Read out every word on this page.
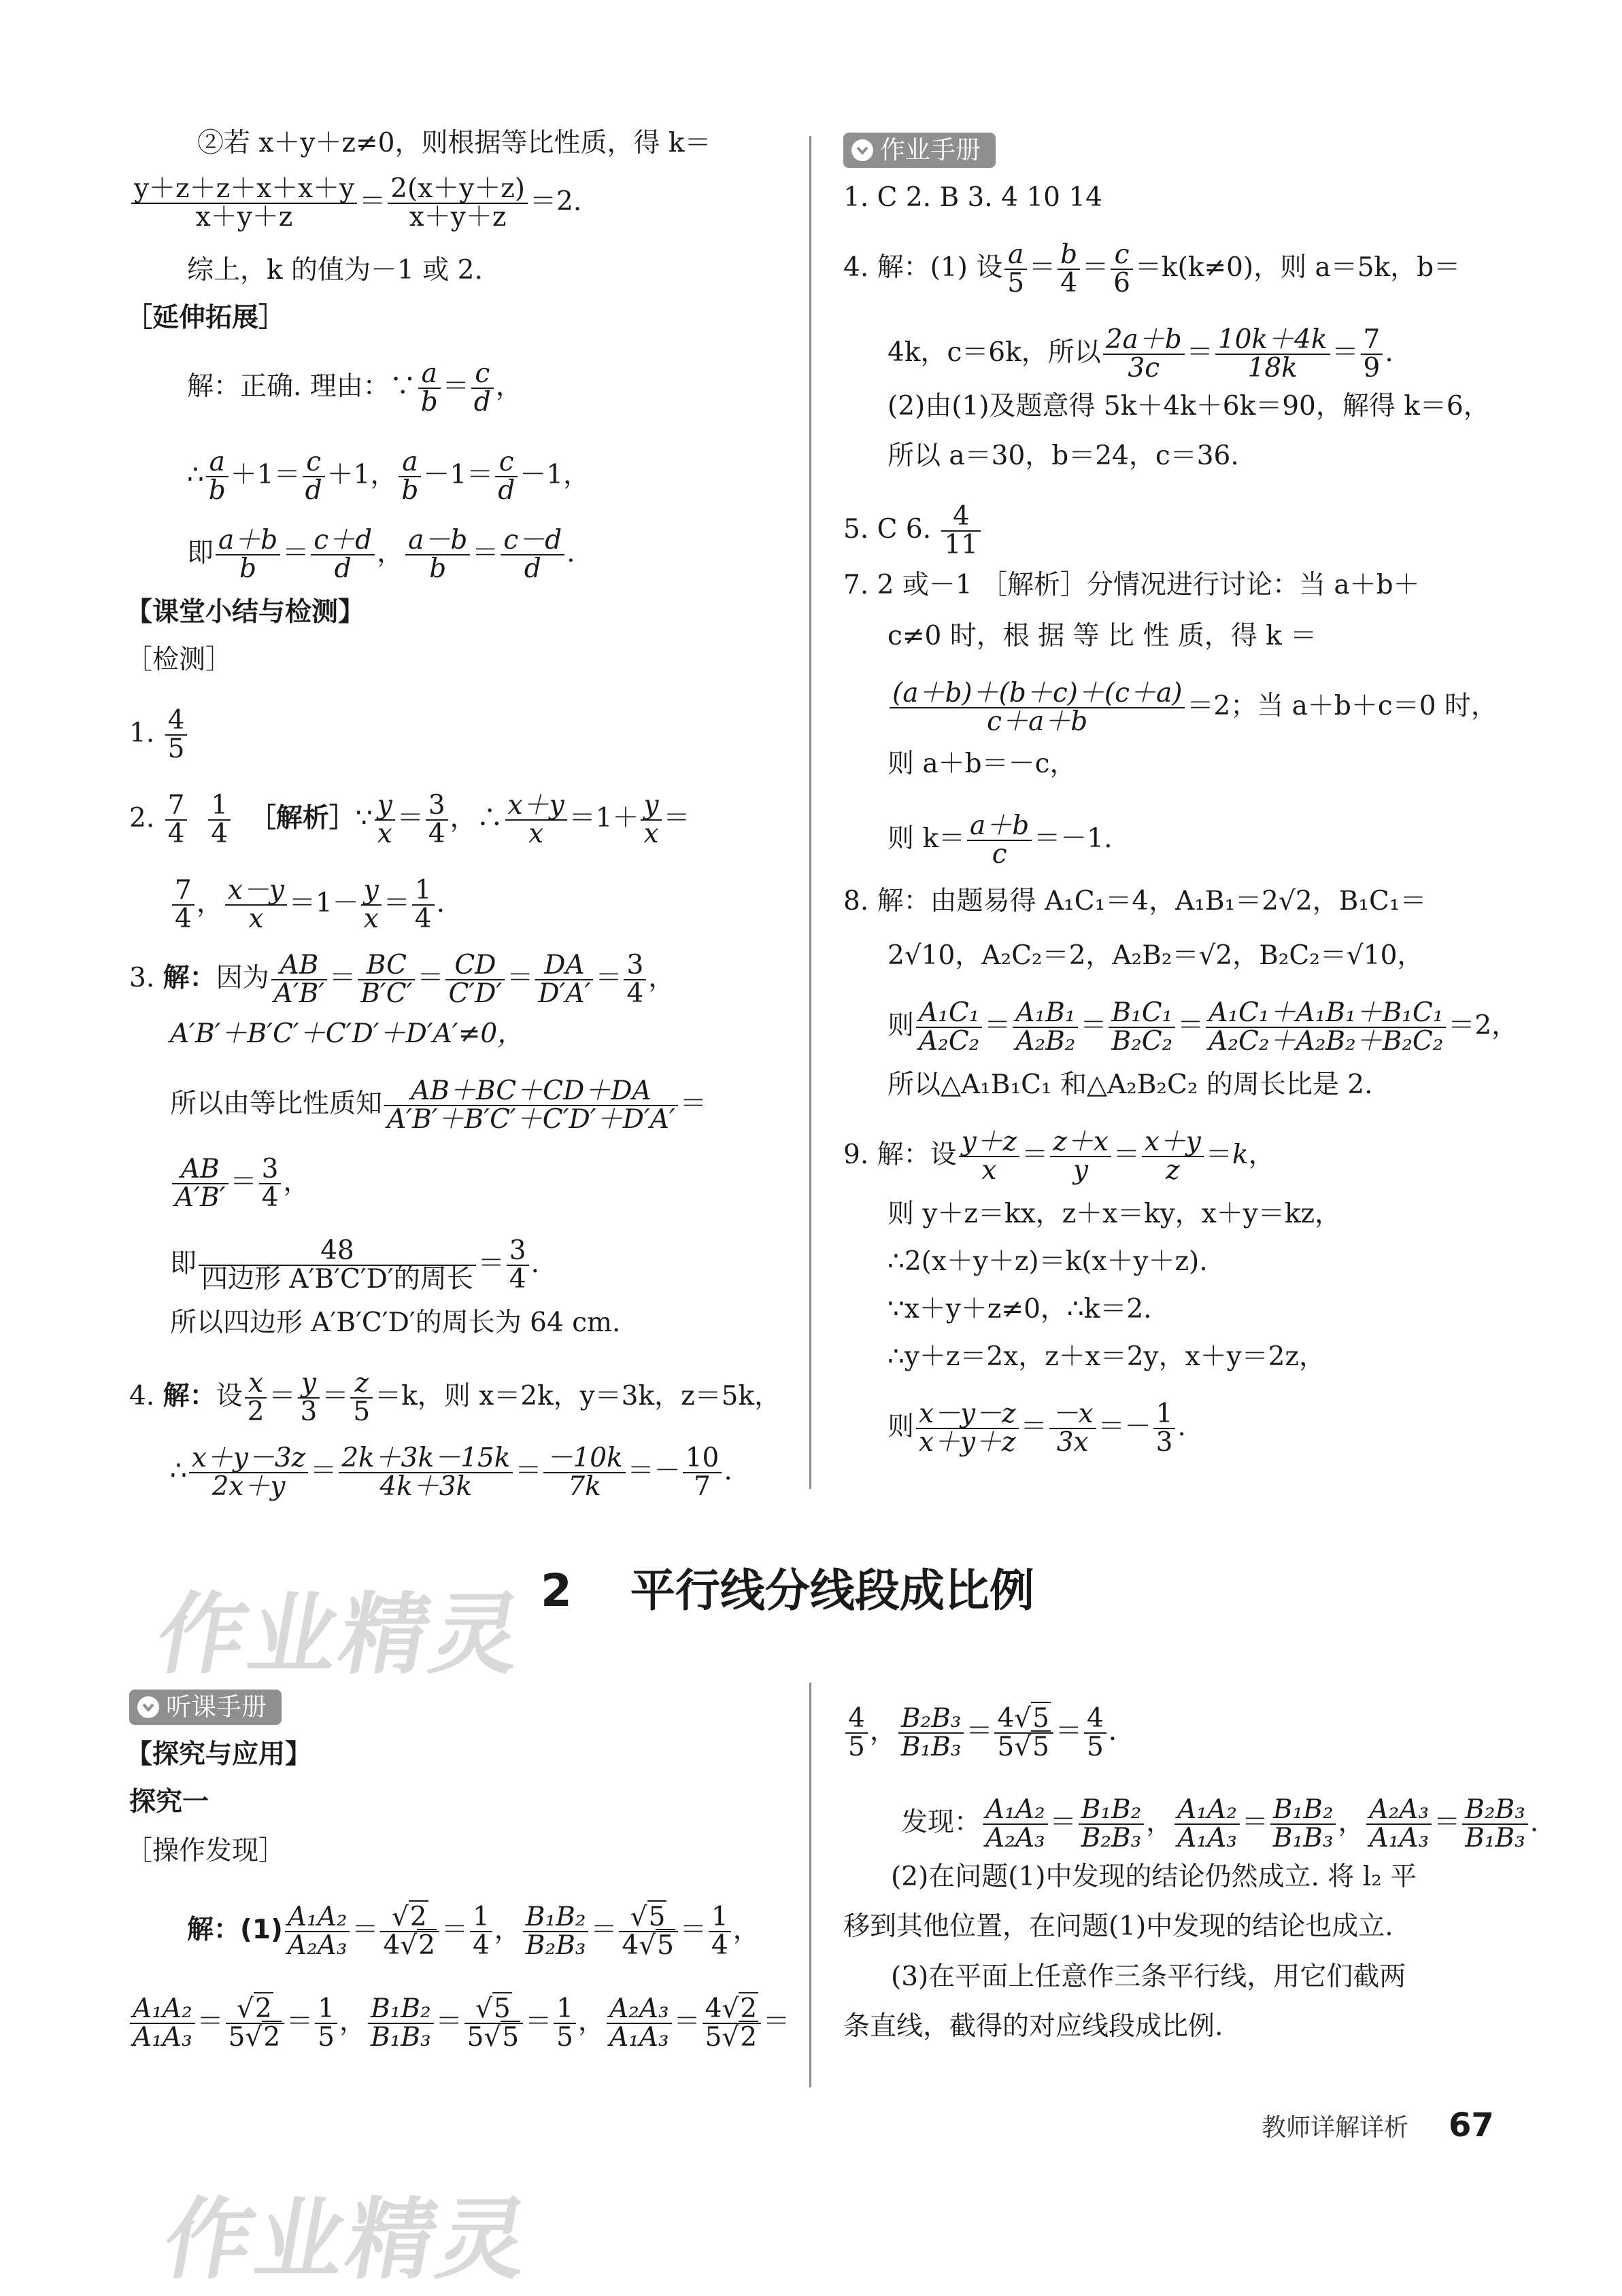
作业精灵
作业精灵
②若 x＋y＋z≠0，则根据等比性质，得 k＝
$\frac{y+z+z+x+x+y}{x+y+z} = \frac{2(x+y+z)}{x+y+z} =2$.
综上，k 的值为－1 或 2.
［延伸拓展］
解：正确. 理由：∵ $\frac{a}{b} = \frac{c}{d}$ ，
∴ $\frac{a}{b} +1= \frac{c}{d} +1$， $\frac{a}{b} -1= \frac{c}{d} -1$，
即 $\frac{a+b}{b} = \frac{c+d}{d}$ ， $\frac{a-b}{b} = \frac{c-d}{d}$ .
【课堂小结与检测】
［检测］
1. $\frac{4}{5}$
2. $\frac{7}{4}$
$\frac{1}{4}$ ［解析］∵ $\frac{y}{x} = \frac{3}{4}$ ，∴ $\frac{x+y}{x} =1+ \frac{y}{x}$ ＝
$\frac{7}{4}$ ， $\frac{x-y}{x} =1- \frac{y}{x} = \frac{1}{4}$ .
3. 解：因为 $\frac{AB}{A'B'} = \frac{BC}{B'C'} = \frac{CD}{C'D'} = \frac{DA}{D'A'} = \frac{3}{4}$ ，
A′B′＋B′C′＋C′D′＋D′A′≠0，
所以由等比性质知 $\frac{AB+BC+CD+DA}{A'B'+B'C'+C'D'+D'A'}$ ＝
$\frac{AB}{A'B'} = \frac{3}{4}$ ，
即 $\frac{48}{\text{四边形 A′B′C′D′的周长}} = \frac{3}{4}$ .
所以四边形 A′B′C′D′的周长为 64 cm.
4. 解：设 $\frac{x}{2} = \frac{y}{3} = \frac{z}{5} =k$，则 x＝2k，y＝3k，z＝5k，
∴ $\frac{x+y-3z}{2x+y} = \frac{2k+3k-15k}{4k+3k} = \frac{-10k}{7k} =- \frac{10}{7}$ .
作业手册
1. C 2. B 3. 4 10 14
4. 解：(1) 设 $\frac{a}{5} = \frac{b}{4} = \frac{c}{6} =k(k\ne 0)$，则 a＝5k，b＝
4k，c＝6k，所以 $\frac{2a+b}{3c} = \frac{10k+4k}{18k} = \frac{7}{9}$ .
(2)由(1)及题意得 5k＋4k＋6k＝90，解得 k＝6，
所以 a＝30，b＝24，c＝36.
5. C 6. $\frac{4}{11}$
7. 2 或－1 ［解析］分情况进行讨论：当 a＋b＋
c≠0 时，根 据 等 比 性 质，得 k ＝
$\frac{(a+b)+(b+c)+(c+a)}{c+a+b} =2$；当 a＋b＋c＝0 时，
则 a＋b＝－c，
则 $k= \frac{a+b}{c} =-1$.
8. 解：由题易得 A₁C₁＝4，A₁B₁＝2√2，B₁C₁＝
2√10，A₂C₂＝2，A₂B₂＝√2，B₂C₂＝√10，
则 $\frac{\text{A₁C₁}}{\text{A₂C₂}} = \frac{\text{A₁B₁}}{\text{A₂B₂}} = \frac{\text{B₁C₁}}{\text{B₂C₂}} = \frac{\text{A₁C₁＋A₁B₁＋B₁C₁}}{\text{A₂C₂＋A₂B₂＋B₂C₂}} =2$，
所以△A₁B₁C₁ 和△A₂B₂C₂ 的周长比是 2.
9. 解：设 $\frac{y+z}{x} = \frac{z+x}{y} = \frac{x+y}{z} =k$，
则 y＋z＝kx，z＋x＝ky，x＋y＝kz，
∴2(x＋y＋z)＝k(x＋y＋z).
∵x＋y＋z≠0，∴k＝2.
∴y＋z＝2x，z＋x＝2y，x＋y＝2z，
则 $\frac{x-y-z}{x+y+z} = \frac{-x}{3x} =- \frac{1}{3}$ .
2 平行线分线段成比例
听课手册
【探究与应用】
探究一
［操作发现］
解：$(1) \frac{\text{A₁A₂}}{\text{A₂A₃}} = \frac{√2}{4√2} = \frac{1}{4}$ ， $\frac{\text{B₁B₂}}{\text{B₂B₃}} = \frac{√5}{4√5} = \frac{1}{4}$ ，
$\frac{\text{A₁A₂}}{\text{A₁A₃}} = \frac{√2}{5√2} = \frac{1}{5}$ ， $\frac{\text{B₁B₂}}{\text{B₁B₃}} = \frac{√5}{5√5} = \frac{1}{5}$ ， $\frac{\text{A₂A₃}}{\text{A₁A₃}} = \frac{4√2}{5√2}$ ＝
$\frac{4}{5}$ ， $\frac{\text{B₂B₃}}{\text{B₁B₃}} = \frac{4√5}{5√5} = \frac{4}{5}$ .
发现： $\frac{\text{A₁A₂}}{\text{A₂A₃}} = \frac{\text{B₁B₂}}{\text{B₂B₃}}$ ， $\frac{\text{A₁A₂}}{\text{A₁A₃}} = \frac{\text{B₁B₂}}{\text{B₁B₃}}$ ， $\frac{\text{A₂A₃}}{\text{A₁A₃}} = \frac{\text{B₂B₃}}{\text{B₁B₃}}$ .
(2)在问题(1)中发现的结论仍然成立. 将 l₂ 平
移到其他位置，在问题(1)中发现的结论也成立.
(3)在平面上任意作三条平行线，用它们截两
条直线，截得的对应线段成比例.
教师详解详析 67
